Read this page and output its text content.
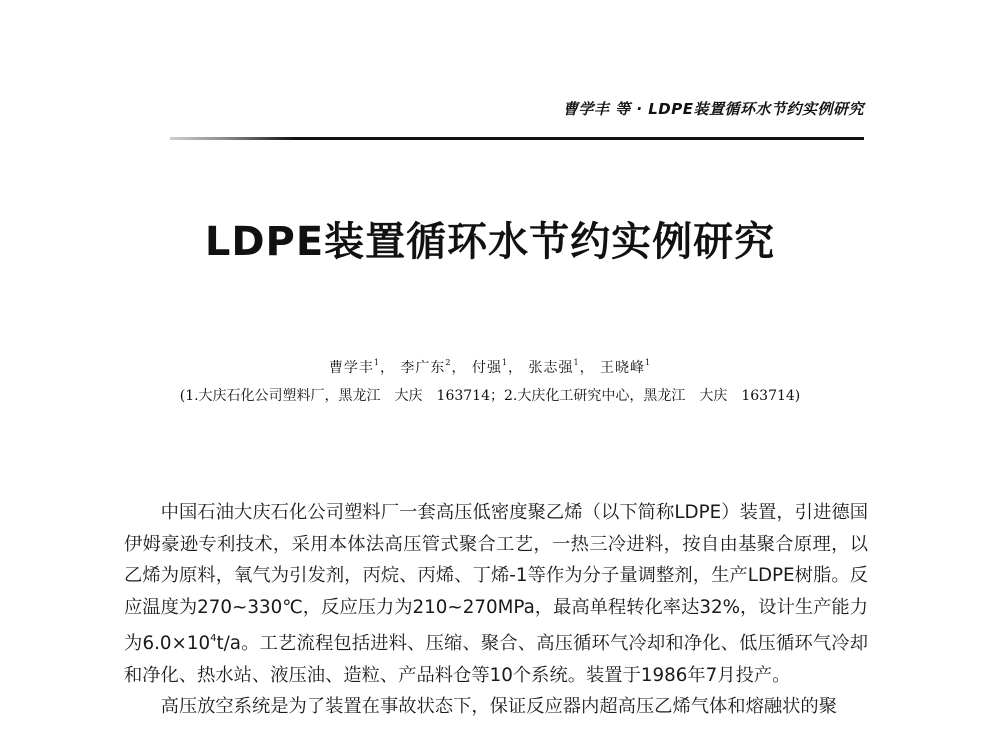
曹学丰 等 · LDPE装置循环水节约实例研究
LDPE装置循环水节约实例研究
曹学丰$^1$， 李广东$^2$， 付强$^1$， 张志强$^1$， 王晓峰$^1$
(1.大庆石化公司塑料厂，黑龙江　大庆　163714；2.大庆化工研究中心，黑龙江　大庆　163714)

中国石油大庆石化公司塑料厂一套高压低密度聚乙烯（以下简称LDPE）装置，引进德国伊姆豪逊专利技术，采用本体法高压管式聚合工艺，一热三冷进料，按自由基聚合原理，以乙烯为原料，氧气为引发剂，丙烷、丙烯、丁烯-1等作为分子量调整剂，生产LDPE树脂。反应温度为270~330℃，反应压力为210~270MPa，最高单程转化率达32%，设计生产能力为$6.0\times 10^4t/a$。工艺流程包括进料、压缩、聚合、高压循环气冷却和净化、低压循环气冷却和净化、热水站、液压油、造粒、产品料仓等10个系统。装置于1986年7月投产。

高压放空系统是为了装置在事故状态下，保证反应器内超高压乙烯气体和熔融状的聚
